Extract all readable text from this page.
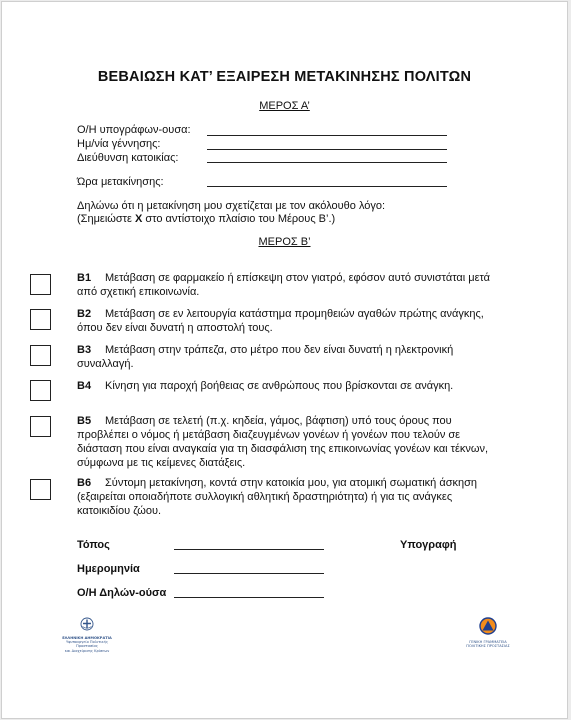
ΒΕΒΑΙΩΣΗ ΚΑΤ’ ΕΞΑΙΡΕΣΗ ΜΕΤΑΚΙΝΗΣΗΣ ΠΟΛΙΤΩΝ
ΜΕΡΟΣ Α’
Ο/Η υπογράφων-ουσα:
Ημ/νία γέννησης:
Διεύθυνση κατοικίας:
Ώρα μετακίνησης:
Δηλώνω ότι η μετακίνηση μου σχετίζεται με τον ακόλουθο λόγο:
(Σημειώστε X στο αντίστοιχο πλαίσιο του Μέρους Β’.)
ΜΕΡΟΣ Β’
Β1 Μετάβαση σε φαρμακείο ή επίσκεψη στον γιατρό, εφόσον αυτό συνιστάται μετά από σχετική επικοινωνία.
Β2 Μετάβαση σε εν λειτουργία κατάστημα προμηθειών αγαθών πρώτης ανάγκης, όπου δεν είναι δυνατή η αποστολή τους.
Β3 Μετάβαση στην τράπεζα, στο μέτρο που δεν είναι δυνατή η ηλεκτρονική συναλλαγή.
Β4 Κίνηση για παροχή βοήθειας σε ανθρώπους που βρίσκονται σε ανάγκη.
Β5 Μετάβαση σε τελετή (π.χ. κηδεία, γάμος, βάφτιση) υπό τους όρους που προβλέπει ο νόμος ή μετάβαση διαζευγμένων γονέων ή γονέων που τελούν σε διάσταση που είναι αναγκαία για τη διασφάλιση της επικοινωνίας γονέων και τέκνων, σύμφωνα με τις κείμενες διατάξεις.
Β6 Σύντομη μετακίνηση, κοντά στην κατοικία μου, για ατομική σωματική άσκηση (εξαιρείται οποιαδήποτε συλλογική αθλητική δραστηριότητα) ή για τις ανάγκες κατοικιδίου ζώου.
Τόπος	Υπογραφή
Ημερομηνία
Ο/Η Δηλών-ούσα
ΕΛΛΗΝΙΚΗ ΔΗΜΟΚΡΑΤΙΑ
Υφυπουργείο Πολιτικής Προστασίας
και Διαχείρισης Κρίσεων
ΓΕΝΙΚΗ ΓΡΑΜΜΑΤΕΙΑ
ΠΟΛΙΤΙΚΗΣ ΠΡΟΣΤΑΣΙΑΣ
